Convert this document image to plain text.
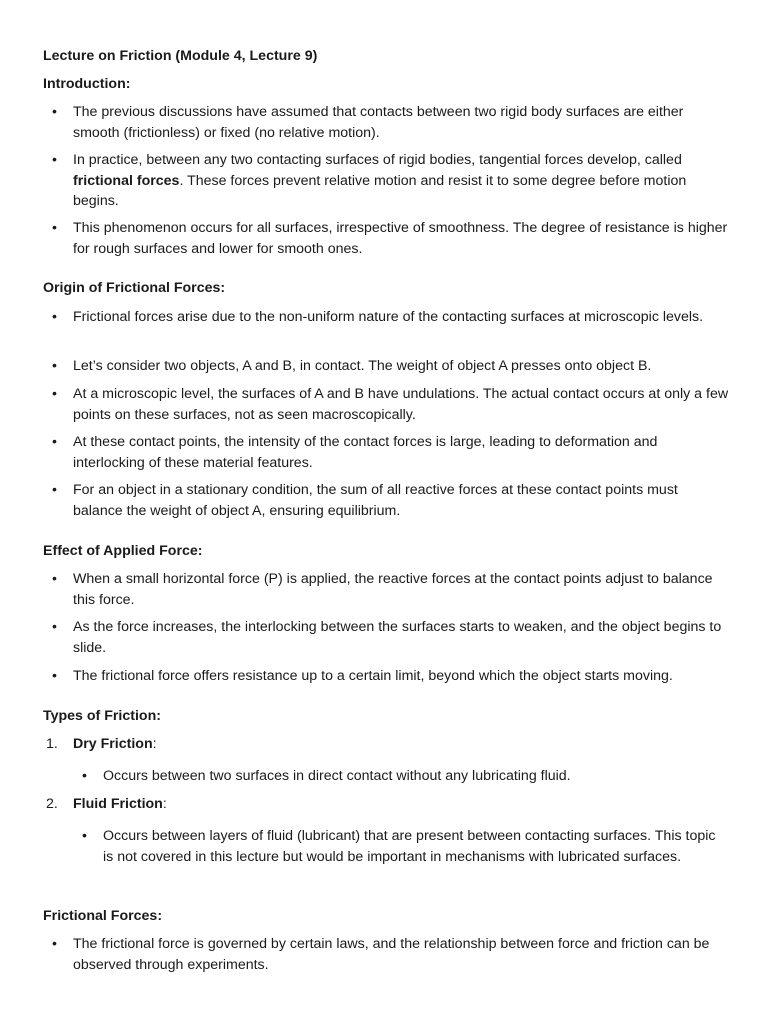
Lecture on Friction (Module 4, Lecture 9)
Introduction:
• The previous discussions have assumed that contacts between two rigid body surfaces are either smooth (frictionless) or fixed (no relative motion).
• In practice, between any two contacting surfaces of rigid bodies, tangential forces develop, called frictional forces. These forces prevent relative motion and resist it to some degree before motion begins.
• This phenomenon occurs for all surfaces, irrespective of smoothness. The degree of resistance is higher for rough surfaces and lower for smooth ones.
Origin of Frictional Forces:
• Frictional forces arise due to the non-uniform nature of the contacting surfaces at microscopic levels.
• Let’s consider two objects, A and B, in contact. The weight of object A presses onto object B.
• At a microscopic level, the surfaces of A and B have undulations. The actual contact occurs at only a few points on these surfaces, not as seen macroscopically.
• At these contact points, the intensity of the contact forces is large, leading to deformation and interlocking of these material features.
• For an object in a stationary condition, the sum of all reactive forces at these contact points must balance the weight of object A, ensuring equilibrium.
Effect of Applied Force:
• When a small horizontal force (P) is applied, the reactive forces at the contact points adjust to balance this force.
• As the force increases, the interlocking between the surfaces starts to weaken, and the object begins to slide.
• The frictional force offers resistance up to a certain limit, beyond which the object starts moving.
Types of Friction:
1. Dry Friction:
• Occurs between two surfaces in direct contact without any lubricating fluid.
2. Fluid Friction:
• Occurs between layers of fluid (lubricant) that are present between contacting surfaces. This topic is not covered in this lecture but would be important in mechanisms with lubricated surfaces.
Frictional Forces:
• The frictional force is governed by certain laws, and the relationship between force and friction can be observed through experiments.
